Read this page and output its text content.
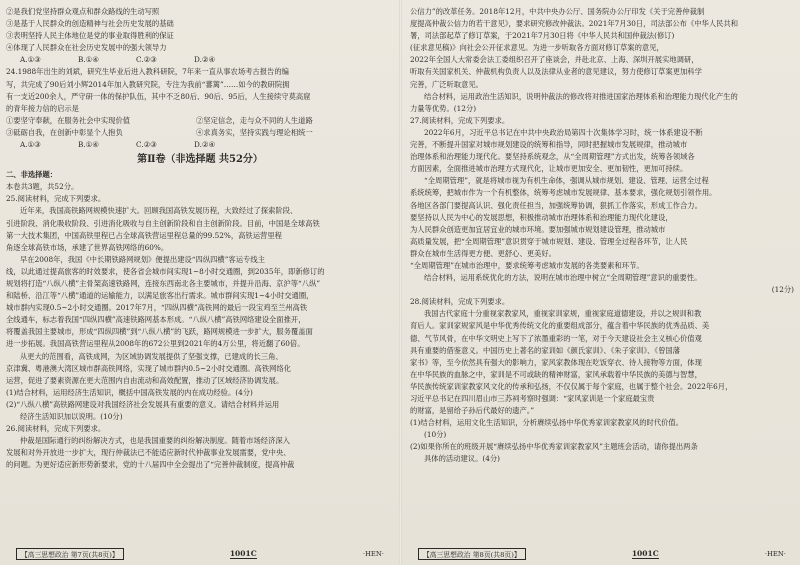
②是我们党坚持群众观点和群众路线的生动写照
③是基于人民群众的创造精神与社会历史发展的基础
③表明坚持人民主体地位是党的事业取得胜利的保证
④体现了人民群众在社会历史发展中的强大领导力
A.①③	B.①④	C.②③	D.②④
24.1988年出生的刘斌，研究生毕业后进入教科研院，7年来一直从事农场考古报告的编
写，共完成了90后刘小辉2014年加入教研究院，专注为我前“蕃篱”……如今的教研院拥
有一支近200余人，严守研一体的保护队伍，其中不乏80后、90后、95后，人生接续守莫高窟
的青年接力信的启示是
①要坚守奉献，在服务社会中实现价值	②坚定信念，走与众不同的人生道路
③砥砺自我，在创新中彰显个人抱负	④求真务实，坚持实践与理论相统一
A.①③	B.①④	C.②③	D.②④
第Ⅱ卷（非选择题 共52分）
二、非选择题：
本卷共3题，共52分。
25.阅读材料，完成下列要求。
近年来，我国高铁路网规模快速扩大。回顾我国高铁发展历程，大致经过了探索阶段、
引进阶段、消化吸收阶段、引进消化吸收与自主创新阶段和自主创新阶段。目前，中国是全球高铁
第一大技术集团，中国高铁里程已占全球高铁营运里程总量的99.52%，高铁运营里程
角逐全球高铁市场，承建了世界高铁网络的60%。
早在2008年，我国《中长期铁路网规划》便提出建设“四纵四横”客运专线主
线，以此通过提高旅客的时效要求，使各省会城市间实现1~8小时交通圈，到2035年，即新修订的
规划将打造“八纵八横”主骨架高速铁路网，连接东西南北各主要城市，并提升沿海、京沪等“八纵”
和陆桥、沿江等“八横”通道的运输能力，以满足旅客出行需求。城市群间实现1~4小时交通圈，
城市群内实现0.5~2小时交通圈。2017年7月，“四纵四横”高铁网的最后一段宝鸡至兰州高铁
全线通车，标志着我国“四纵四横”高速铁路网基本形成。“八纵八横”高铁网络建设全面推开，
将覆盖我国主要城市，形成“四纵四横”到“八纵八横”的飞跃，路网规模进一步扩大，服务覆盖面
进一步拓展。我国高铁营运里程从2008年的672公里到2021年的4万公里，将近翻了60倍。
从更大的范围看，高铁成网，为区域协调发展提供了坚强支撑，已建成的长三角、
京津冀、粤港澳大湾区城市群高铁网络，实现了城市群内0.5~2小时交通圈。高铁网络化
运营，促进了要素资源在更大范围内自由流动和高效配置，推动了区域经济协调发展。
(1)结合材料，运用经济生活知识，概括中国高铁发展的内在成功经验。(4分)
(2)“八纵八横”高铁路网建设对我国经济社会发展具有重要的意义。请结合材料并运用
经济生活知识加以说明。(10分)
26.阅读材料，完成下列要求。
仲裁是国际通行的纠纷解决方式，也是我国重要的纠纷解决制度。随着市场经济深入
发展和对外开放进一步扩大，现行仲裁法已不能适应新时代仲裁事业发展需要，党中央、
的问题。为更好适应新形势新要求，党的十八届四中全会提出了“完善仲裁制度，提高仲裁
【高三思想政治 第7页(共8页)】	1001C	·HEN·
公信力”的改革任务。2018年12月，中共中央办公厅、国务院办公厅印发《关于完善仲裁制
度提高仲裁公信力的若干意见》，要求研究修改仲裁法。2021年7月30日，司法部公布《中华人民共和
署，司法部起草了修订草案，于2021年7月30日将《中华人民共和国仲裁法(修订)
(征求意见稿)》向社会公开征求意见。为进一步听取各方面对修订草案的意见，
2022年全国人大常委会法工委组织召开了座谈会，并赴北京、上海、深圳开展实地调研，
听取有关国家机关、仲裁机构负责人以及法律从业者的意见建议，努力使修订草案更加科学
完善，广泛听取意见。
结合材料，运用政治生活知识，说明仲裁法的修改将对推进国家治理体系和治理能力现代化产生的
力量等优势。(12分)
27.阅读材料，完成下列要求。
2022年6月，习近平总书记在中共中央政治局第四十次集体学习时，统一体系建设不断
完善，不断提升国家对城市规划建设的统筹和指导，同时把握城市发展规律，推动城市
治理体系和治理能力现代化。要坚持系统观念，从“全周期管理”方式出发，统筹各领域各
方面因素，全面推进城市治理方式现代化，让城市更加安全、更加韧性，更加可持续。
“全周期管理”，就是将城市视为有机生命体，强调从城市规划、建设、管理、运营全过程
系统统筹，把城市作为一个有机整体，统筹考虑城市发展规律、基本要求，强化规划引领作用。
各地区各部门要提高认识、强化责任担当，加强统筹协调，狠抓工作落实，形成工作合力。
要坚持以人民为中心的发展思想，积极推动城市治理体系和治理能力现代化建设，
为人民群众创造更加宜居宜业的城市环境。要加强城市规划建设管理，推动城市
高质量发展，把“全周期管理”意识贯穿于城市规划、建设、管理全过程各环节，让人民
群众在城市生活得更方便、更舒心、更美好。
“全周期管理”在城市治理中，要求统筹考虑城市发展的各类要素和环节。
结合材料，运用系统优化的方法，说明在城市治理中树立“全周期管理”意识的重要性。
(12分)
28.阅读材料，完成下列要求。
我国古代家庭十分重视家教家风，重视家训家规，重视家庭道德建设，并以之规训和教
育后人。家训家规家风是中华优秀传统文化的重要组成部分，蕴含着中华民族的优秀品质、美
德、气节风骨，在中华文明史上写下了浓墨重彩的一笔，对于今天建设社会主义核心价值观
具有重要的借鉴意义。中国历史上著名的家训如《颜氏家训》、《朱子家训》、《曾国藩
家书》等，至今依然具有强大的影响力，家风家教体现在吃饭穿衣、待人接物等方面，体现
在中华民族的血脉之中，家训是不可或缺的精神财富，家风承载着中华民族的美德与智慧，
华民族传统家训家教家风文化的传承和弘扬，不仅仅属于每个家庭，也属于整个社会。2022年6月，
习近平总书记在四川眉山市三苏祠考察时强调：“家风家训是一个家庭最宝贵
的财富，是留给子孙后代最好的遗产。”
(1)结合材料，运用文化生活知识，分析赓续弘扬中华优秀家训家教家风的时代价值。
(10分)
(2)如果你所在的班级开展“赓续弘扬中华优秀家训家教家风”主题班会活动，请你提出两条
具体的活动建议。(4分)
【高三思想政治 第8页(共8页)】	1001C	·HEN·
